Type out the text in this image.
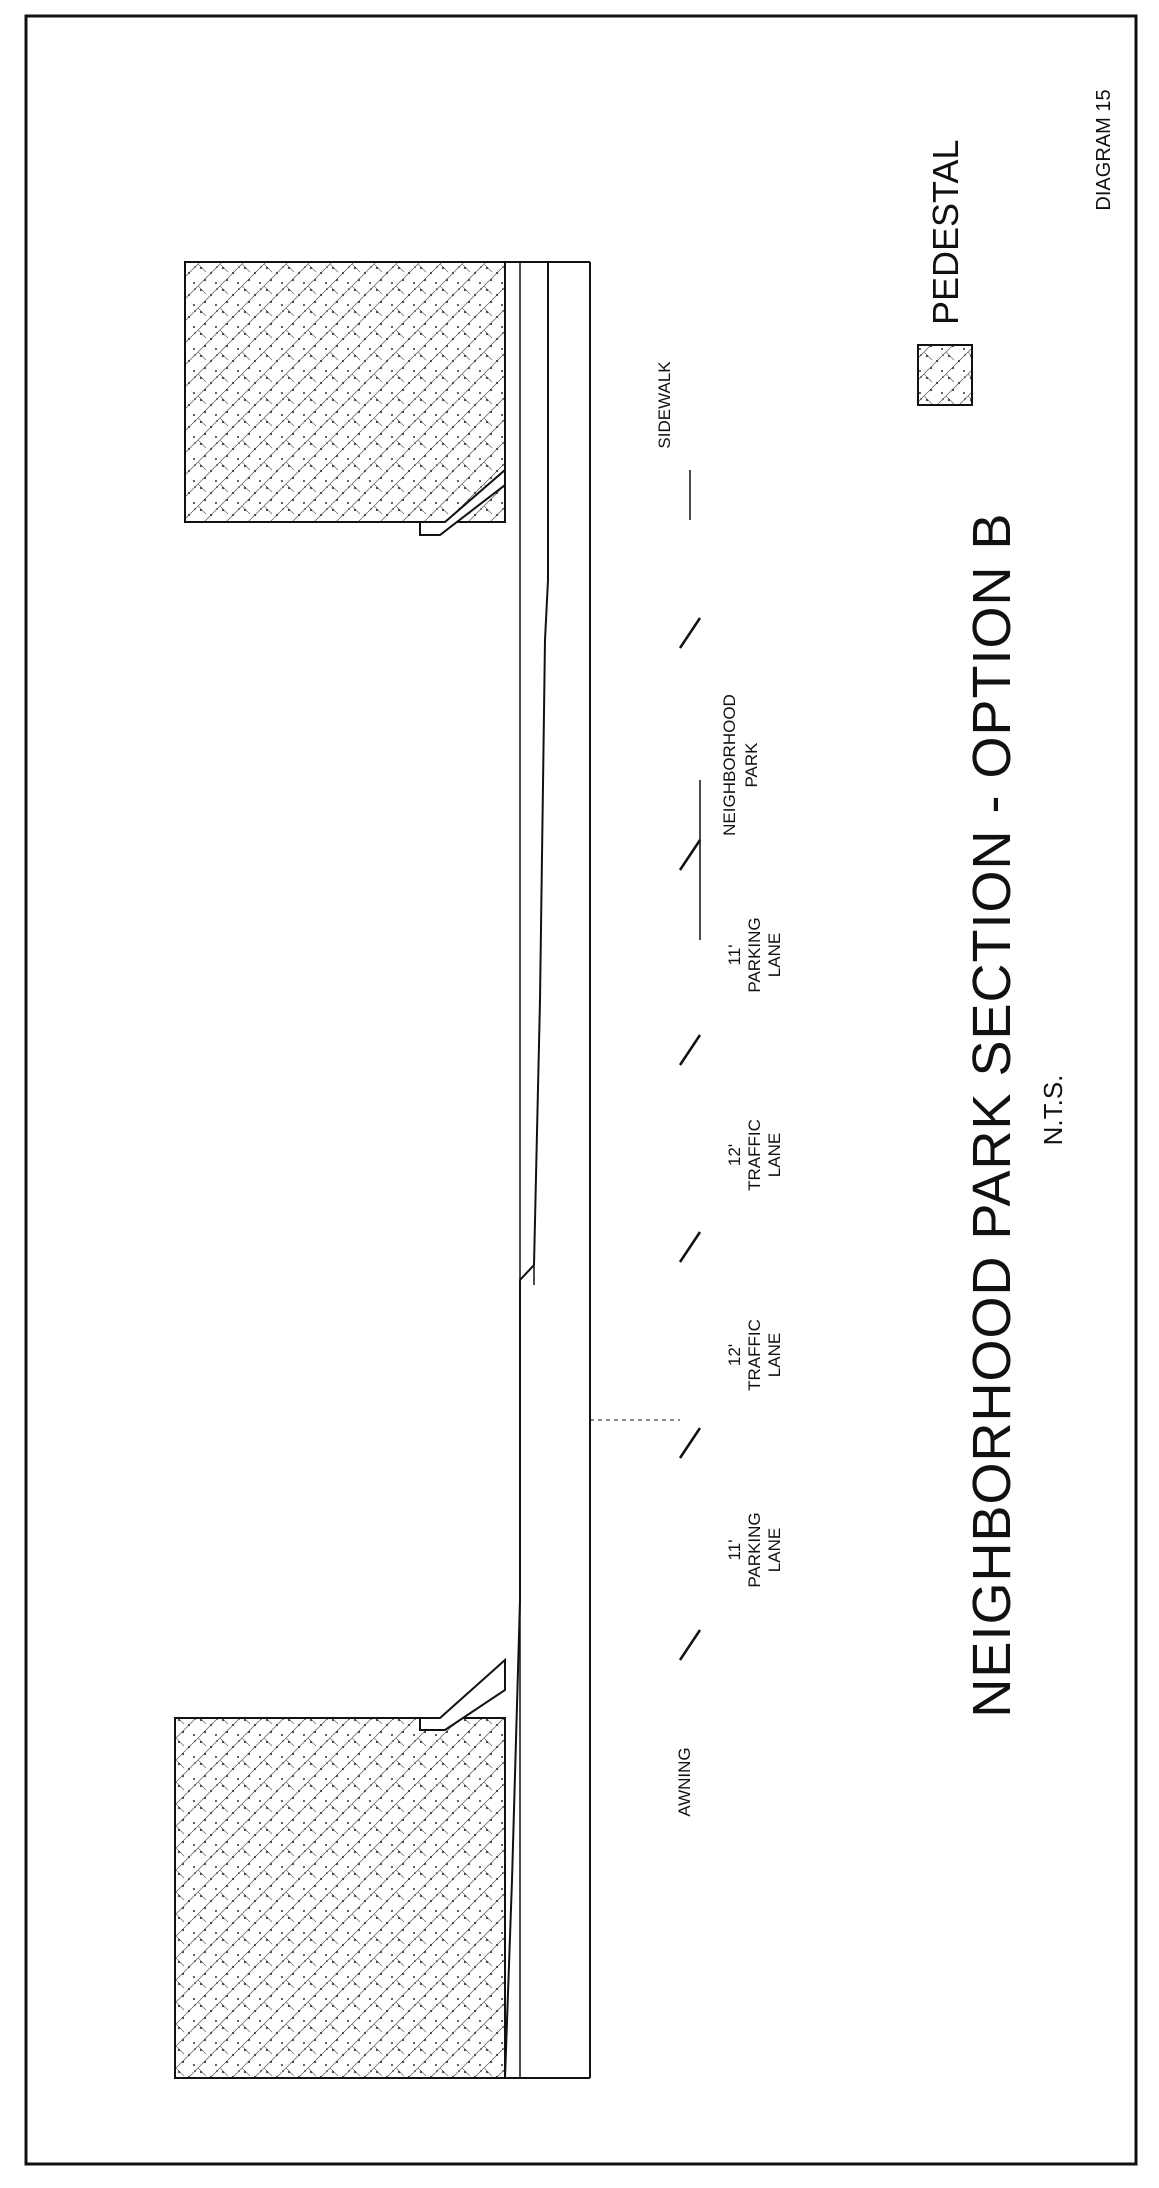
AWNING
SIDEWALK
11' PARKING LANE
12' TRAFFIC LANE
12' TRAFFIC LANE
11' PARKING LANE
NEIGHBORHOOD PARK	NEIGHBORHOOD PARK SECTION - OPTION B N.T.S.
PEDESTAL	DIAGRAM 15
